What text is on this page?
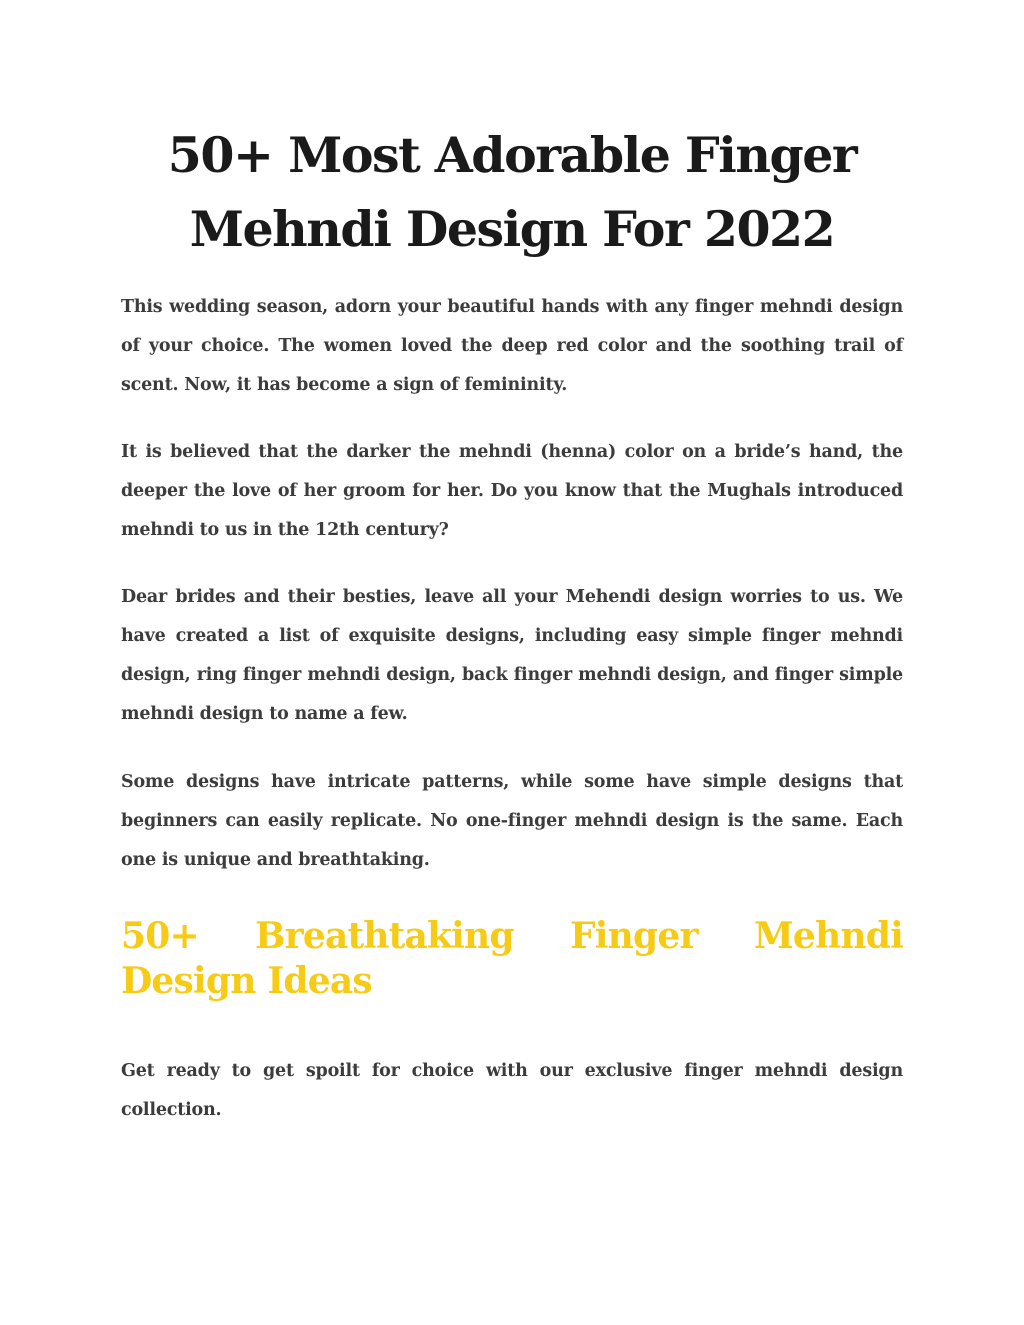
50+ Most Adorable Finger Mehndi Design For 2022

This wedding season, adorn your beautiful hands with any finger mehndi design of your choice. The women loved the deep red color and the soothing trail of scent. Now, it has become a sign of femininity.

It is believed that the darker the mehndi (henna) color on a bride’s hand, the deeper the love of her groom for her. Do you know that the Mughals introduced mehndi to us in the 12th century?

Dear brides and their besties, leave all your Mehendi design worries to us. We have created a list of exquisite designs, including easy simple finger mehndi design, ring finger mehndi design, back finger mehndi design, and finger simple mehndi design to name a few.

Some designs have intricate patterns, while some have simple designs that beginners can easily replicate. No one-finger mehndi design is the same. Each one is unique and breathtaking.

50+ Breathtaking Finger Mehndi Design Ideas

Get ready to get spoilt for choice with our exclusive finger mehndi design collection.
